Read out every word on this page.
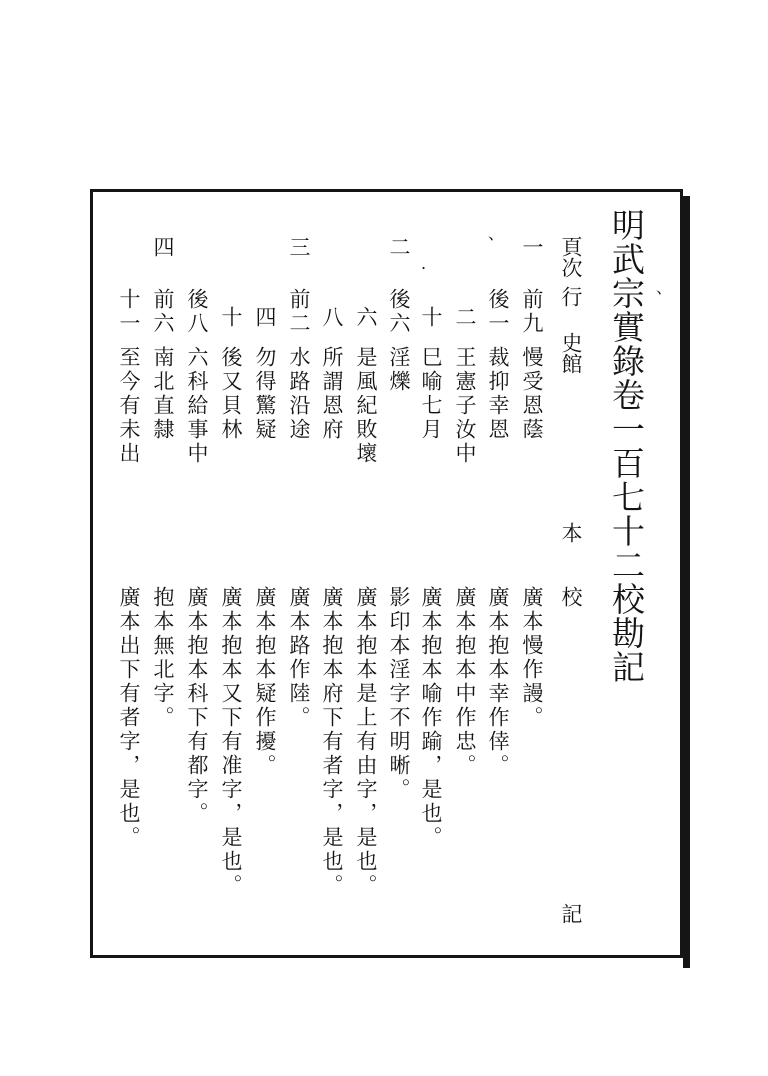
明武宗實錄卷一百七十二校勘記
頁次
行
史館
本
校
記
一
前九
慢受恩蔭
廣本慢作謾。
後一
裁抑幸恩
廣本抱本幸作倖。
二
王憲子汝中
廣本抱本中作忠。
十
巳喻七月
廣本抱本喻作踰，是也。
二
後六
淫爍
影印本淫字不明晰。
六
是風紀敗壞
廣本抱本是上有由字，是也。
八
所謂恩府
廣本抱本府下有者字，是也。
三
前二
水路沿途
廣本路作陸。
四
勿得驚疑
廣本抱本疑作擾。
十
後又貝林
廣本抱本又下有准字，是也。
後八
六科給事中
廣本抱本科下有都字。
四
前六
南北直隸
抱本無北字。
十一
至今有未出
廣本出下有者字，是也。
、
、
.
